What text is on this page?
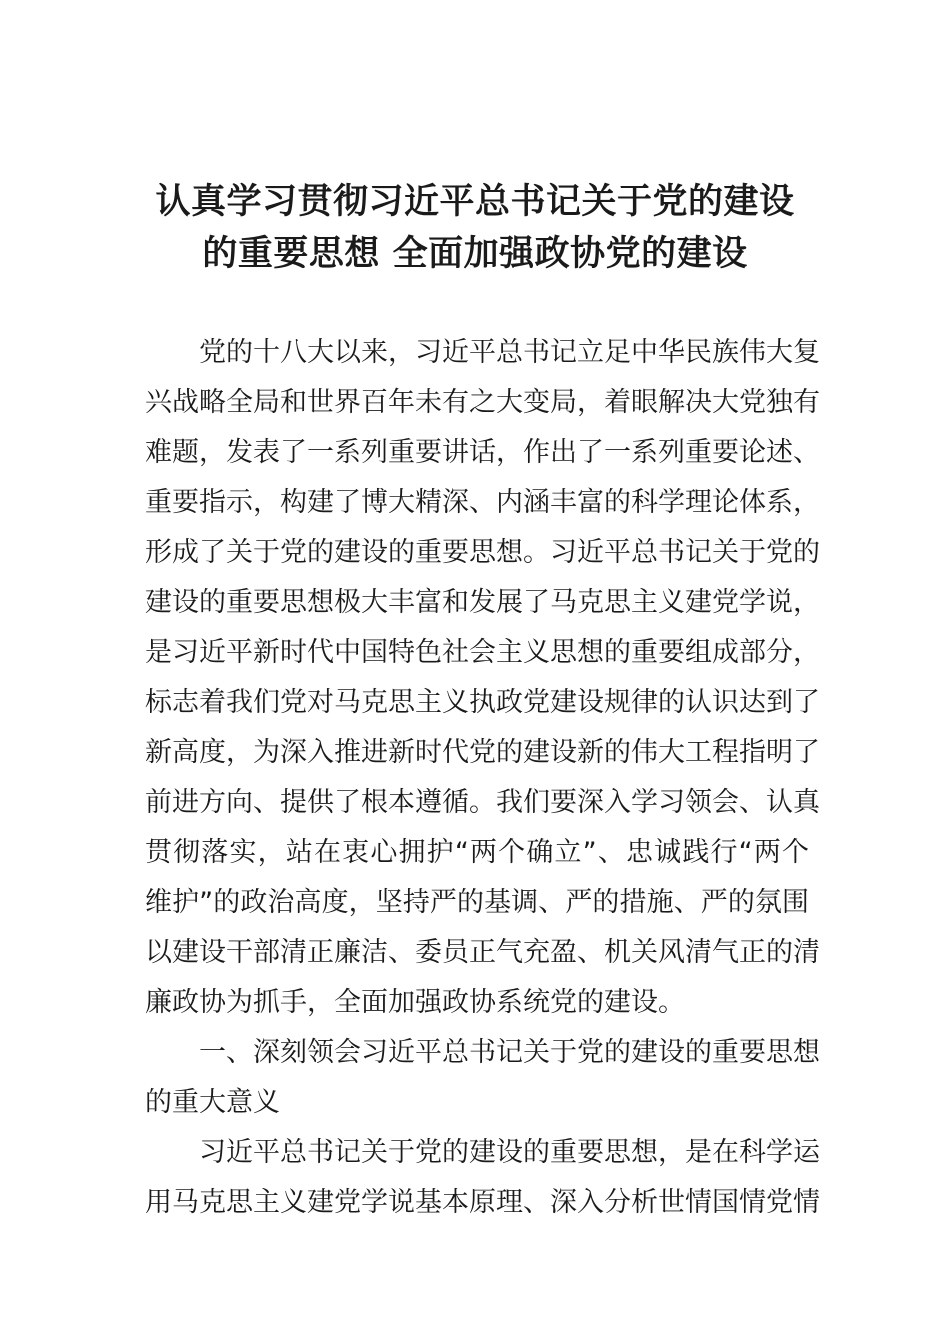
认真学习贯彻习近平总书记关于党的建设
的重要思想 全面加强政协党的建设
党的十八大以来，习近平总书记立足中华民族伟大复
兴战略全局和世界百年未有之大变局，着眼解决大党独有
难题，发表了一系列重要讲话，作出了一系列重要论述、
重要指示，构建了博大精深、内涵丰富的科学理论体系，
形成了关于党的建设的重要思想。习近平总书记关于党的
建设的重要思想极大丰富和发展了马克思主义建党学说，
是习近平新时代中国特色社会主义思想的重要组成部分，
标志着我们党对马克思主义执政党建设规律的认识达到了
新高度，为深入推进新时代党的建设新的伟大工程指明了
前进方向、提供了根本遵循。我们要深入学习领会、认真
贯彻落实，站在衷心拥护“两个确立”、忠诚践行“两个
维护”的政治高度，坚持严的基调、严的措施、严的氛围
以建设干部清正廉洁、委员正气充盈、机关风清气正的清
廉政协为抓手，全面加强政协系统党的建设。
一、深刻领会习近平总书记关于党的建设的重要思想
的重大意义
习近平总书记关于党的建设的重要思想，是在科学运
用马克思主义建党学说基本原理、深入分析世情国情党情
